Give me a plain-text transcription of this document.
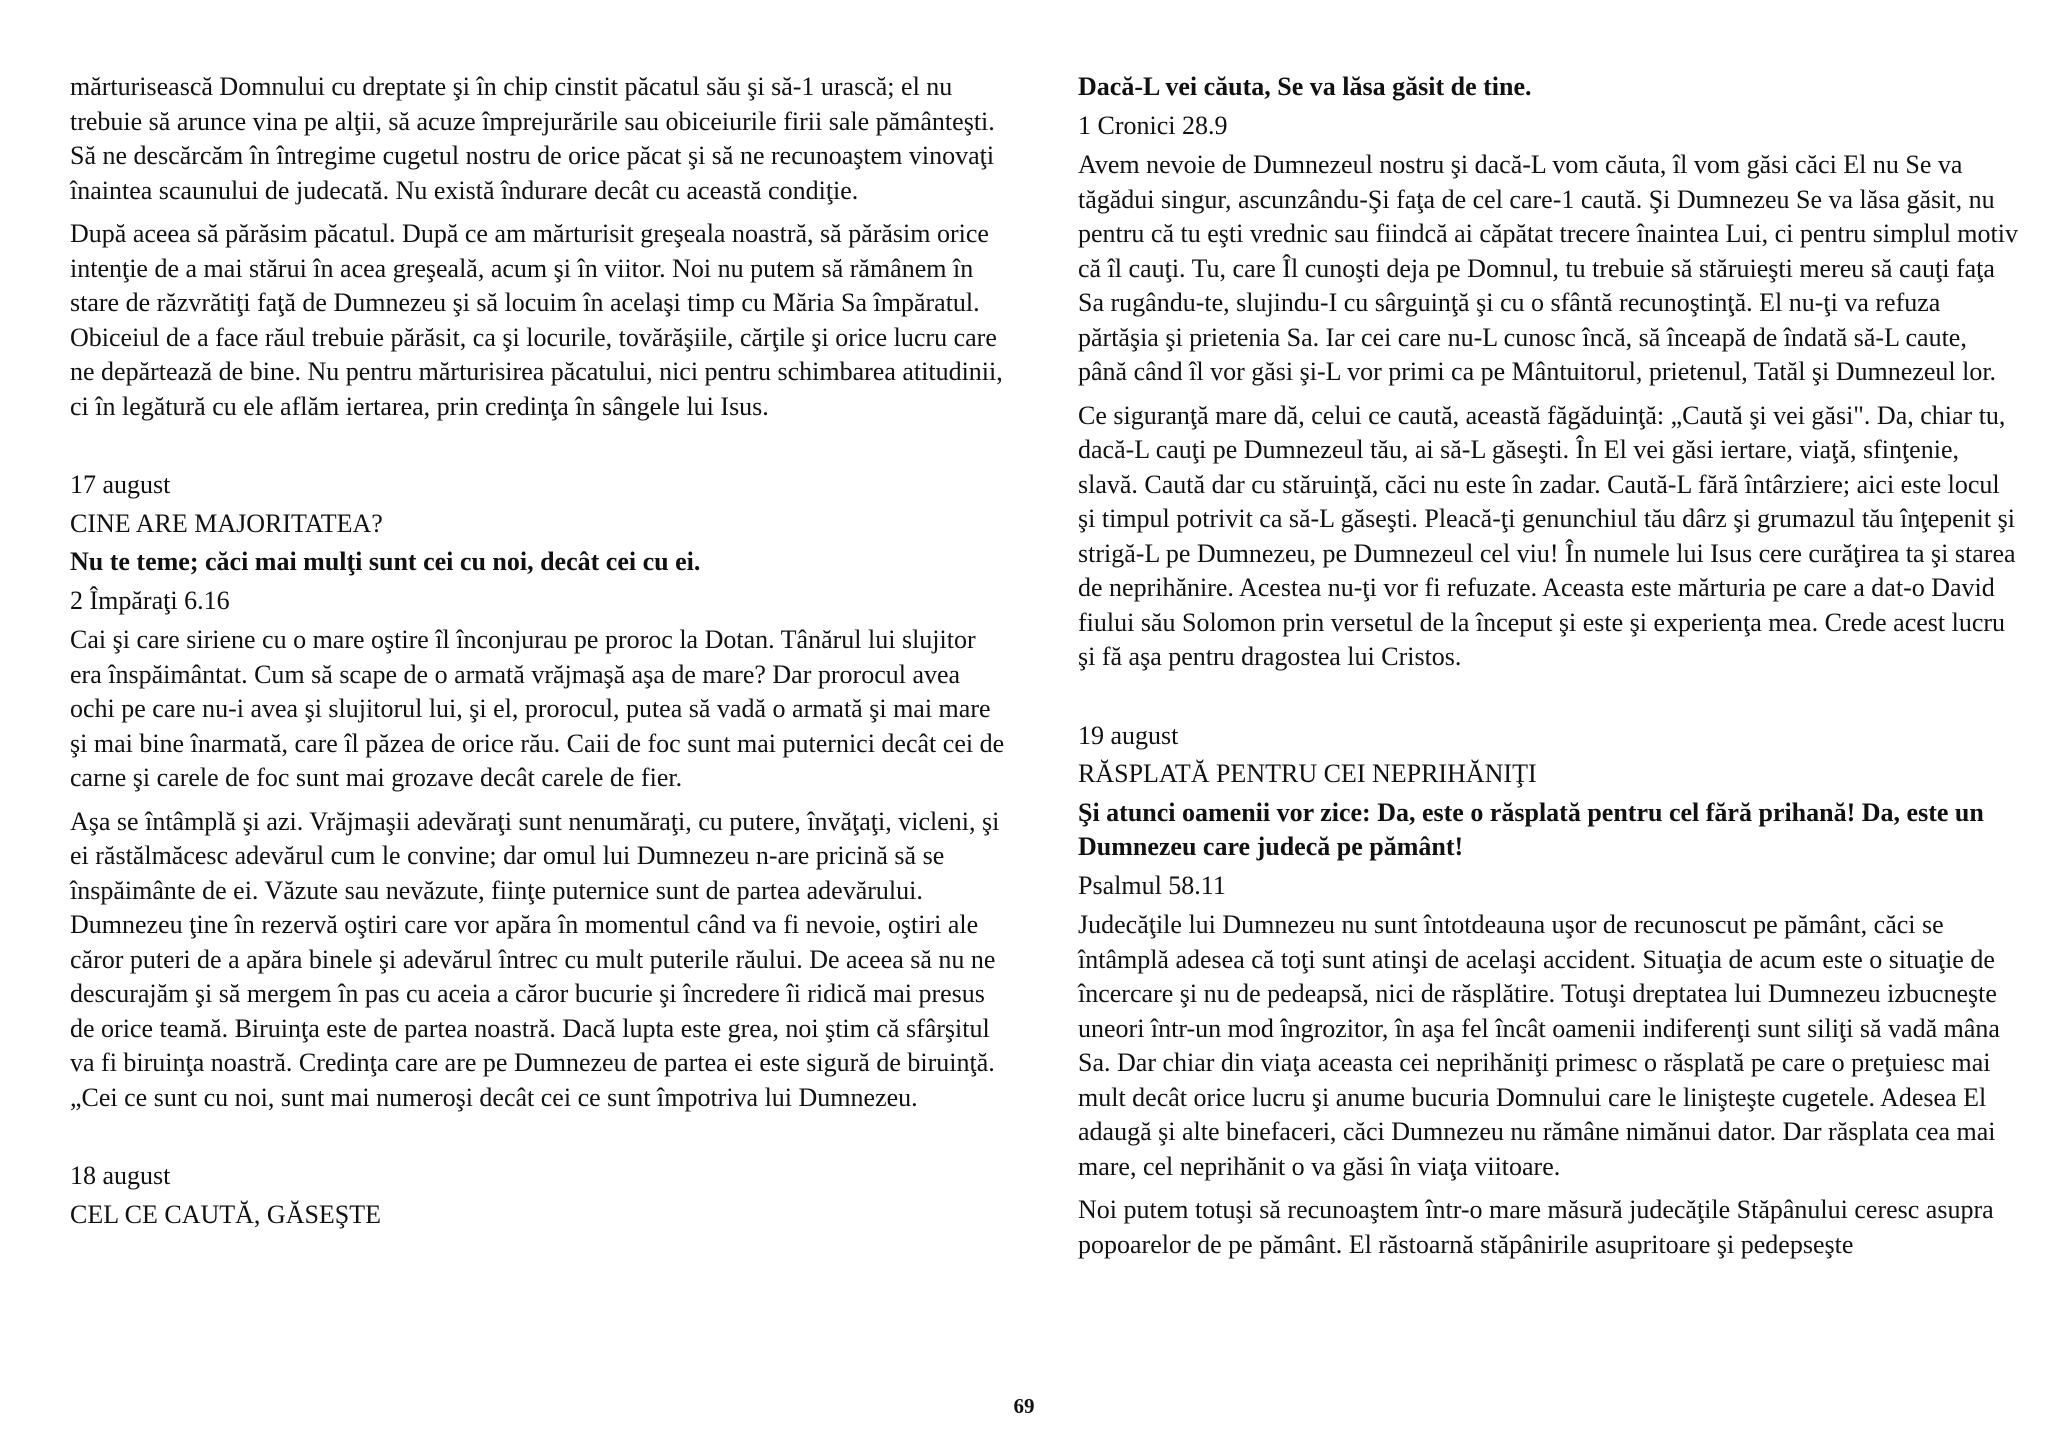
mărturisească Domnului cu dreptate şi în chip cinstit păcatul său şi să-1 urască; el nu trebuie să arunce vina pe alţii, să acuze împrejurările sau obiceiurile firii sale pământeşti. Să ne descărcăm în întregime cugetul nostru de orice păcat şi să ne recunoaştem vinovaţi înaintea scaunului de judecată. Nu există îndurare decât cu această condiţie.

După aceea să părăsim păcatul. După ce am mărturisit greşeala noastră, să părăsim orice intenţie de a mai stărui în acea greşeală, acum şi în viitor. Noi nu putem să rămânem în stare de răzvrătiţi faţă de Dumnezeu şi să locuim în acelaşi timp cu Măria Sa împăratul. Obiceiul de a face răul trebuie părăsit, ca şi locurile, tovărăşiile, cărţile şi orice lucru care ne depărtează de bine. Nu pentru mărturisirea păcatului, nici pentru schimbarea atitudinii, ci în legătură cu ele aflăm iertarea, prin credinţa în sângele lui Isus.

17 august

CINE ARE MAJORITATEA?

Nu te teme; căci mai mulţi sunt cei cu noi, decât cei cu ei.

2 Împăraţi 6.16

Cai şi care siriene cu o mare oştire îl înconjurau pe proroc la Dotan. Tânărul lui slujitor era înspăimântat. Cum să scape de o armată vrăjmaşă aşa de mare? Dar prorocul avea ochi pe care nu-i avea şi slujitorul lui, şi el, prorocul, putea să vadă o armată şi mai mare şi mai bine înarmată, care îl păzea de orice rău. Caii de foc sunt mai puternici decât cei de carne şi carele de foc sunt mai grozave decât carele de fier.

Aşa se întâmplă şi azi. Vrăjmaşii adevăraţi sunt nenumăraţi, cu putere, învăţaţi, vicleni, şi ei răstălmăcesc adevărul cum le convine; dar omul lui Dumnezeu n-are pricină să se înspăimânte de ei. Văzute sau nevăzute, fiinţe puternice sunt de partea adevărului. Dumnezeu ţine în rezervă oştiri care vor apăra în momentul când va fi nevoie, oştiri ale căror puteri de a apăra binele şi adevărul întrec cu mult puterile răului. De aceea să nu ne descurajăm şi să mergem în pas cu aceia a căror bucurie şi încredere îi ridică mai presus de orice teamă. Biruinţa este de partea noastră. Dacă lupta este grea, noi ştim că sfârşitul va fi biruinţa noastră. Credinţa care are pe Dumnezeu de partea ei este sigură de biruinţă. „Cei ce sunt cu noi, sunt mai numeroşi decât cei ce sunt împotriva lui Dumnezeu.

18 august

CEL CE CAUTĂ, GĂSEŞTE

Dacă-L vei căuta, Se va lăsa găsit de tine.

1 Cronici 28.9

Avem nevoie de Dumnezeul nostru şi dacă-L vom căuta, îl vom găsi căci El nu Se va tăgădui singur, ascunzându-Şi faţa de cel care-1 caută. Şi Dumnezeu Se va lăsa găsit, nu pentru că tu eşti vrednic sau fiindcă ai căpătat trecere înaintea Lui, ci pentru simplul motiv că îl cauţi. Tu, care Îl cunoşti deja pe Domnul, tu trebuie să stăruieşti mereu să cauţi faţa Sa rugându-te, slujindu-I cu sârguinţă şi cu o sfântă recunoştinţă. El nu-ţi va refuza părtăşia şi prietenia Sa. Iar cei care nu-L cunosc încă, să înceapă de îndată să-L caute, până când îl vor găsi şi-L vor primi ca pe Mântuitorul, prietenul, Tatăl şi Dumnezeul lor.

Ce siguranţă mare dă, celui ce caută, această făgăduinţă: „Caută şi vei găsi". Da, chiar tu, dacă-L cauţi pe Dumnezeul tău, ai să-L găseşti. În El vei găsi iertare, viaţă, sfinţenie, slavă. Caută dar cu stăruinţă, căci nu este în zadar. Caută-L fără întârziere; aici este locul şi timpul potrivit ca să-L găseşti. Pleacă-ţi genunchiul tău dârz şi grumazul tău înţepenit şi strigă-L pe Dumnezeu, pe Dumnezeul cel viu! În numele lui Isus cere curăţirea ta şi starea de neprihănire. Acestea nu-ţi vor fi refuzate. Aceasta este mărturia pe care a dat-o David fiului său Solomon prin versetul de la început şi este şi experienţa mea. Crede acest lucru şi fă aşa pentru dragostea lui Cristos.

19 august

RĂSPLATĂ PENTRU CEI NEPRIHĂNIŢI

Şi atunci oamenii vor zice: Da, este o răsplată pentru cel fără prihană! Da, este un Dumnezeu care judecă pe pământ!

Psalmul 58.11

Judecăţile lui Dumnezeu nu sunt întotdeauna uşor de recunoscut pe pământ, căci se întâmplă adesea că toţi sunt atinşi de acelaşi accident. Situaţia de acum este o situaţie de încercare şi nu de pedeapsă, nici de răsplătire. Totuşi dreptatea lui Dumnezeu izbucneşte uneori într-un mod îngrozitor, în aşa fel încât oamenii indiferenţi sunt siliţi să vadă mâna Sa. Dar chiar din viaţa aceasta cei neprihăniţi primesc o răsplată pe care o preţuiesc mai mult decât orice lucru şi anume bucuria Domnului care le linişteşte cugetele. Adesea El adaugă şi alte binefaceri, căci Dumnezeu nu rămâne nimănui dator. Dar răsplata cea mai mare, cel neprihănit o va găsi în viaţa viitoare.

Noi putem totuşi să recunoaştem într-o mare măsură judecăţile Stăpânului ceresc asupra popoarelor de pe pământ. El răstoarnă stăpânirile asupritoare şi pedepseşte

69
